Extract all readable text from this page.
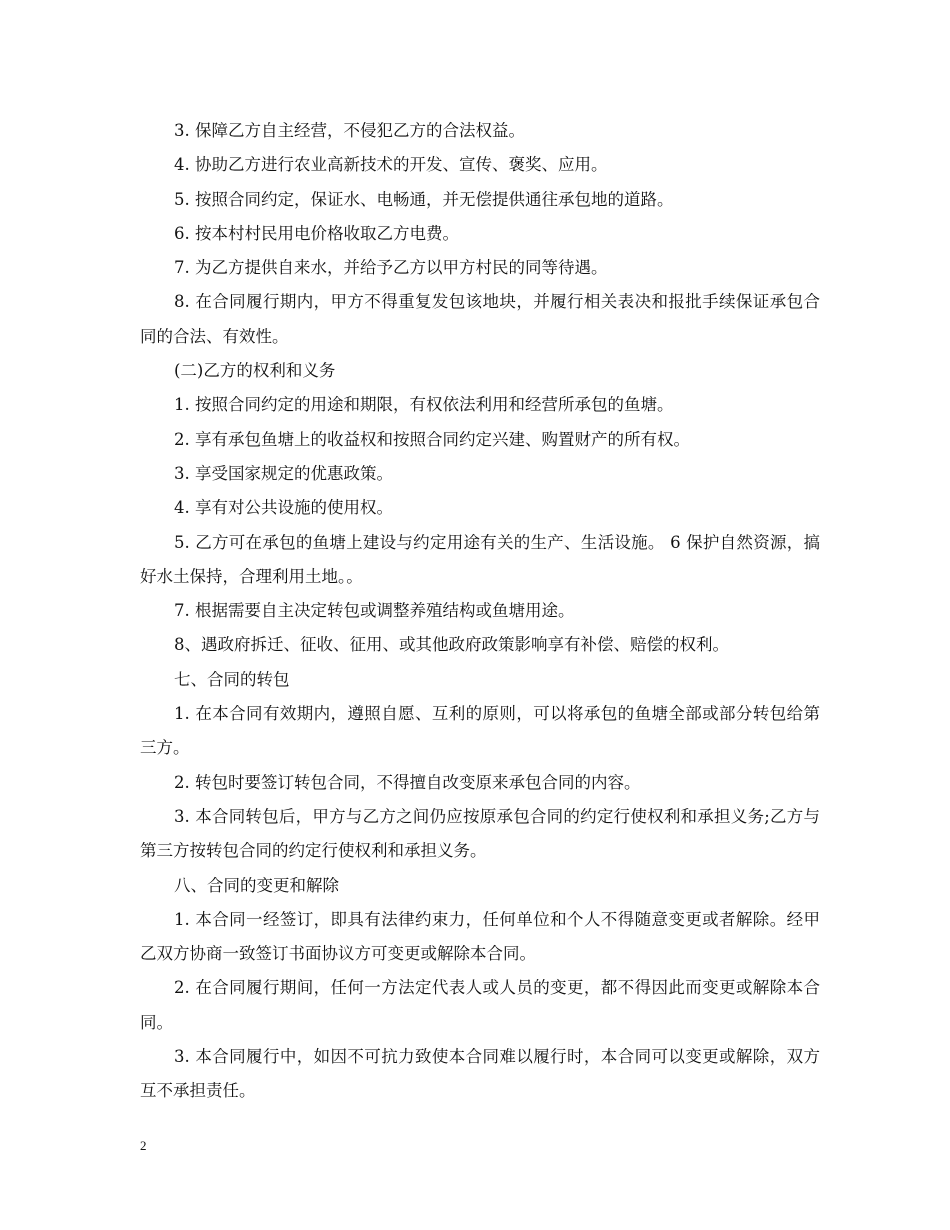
3. 保障乙方自主经营，不侵犯乙方的合法权益。

4. 协助乙方进行农业高新技术的开发、宣传、褒奖、应用。

5. 按照合同约定，保证水、电畅通，并无偿提供通往承包地的道路。

6. 按本村村民用电价格收取乙方电费。

7. 为乙方提供自来水，并给予乙方以甲方村民的同等待遇。

8. 在合同履行期内，甲方不得重复发包该地块，并履行相关表决和报批手续保证承包合同的合法、有效性。

(二)乙方的权利和义务

1. 按照合同约定的用途和期限，有权依法利用和经营所承包的鱼塘。

2. 享有承包鱼塘上的收益权和按照合同约定兴建、购置财产的所有权。

3. 享受国家规定的优惠政策。

4. 享有对公共设施的使用权。

5. 乙方可在承包的鱼塘上建设与约定用途有关的生产、生活设施。 6 保护自然资源，搞好水土保持，合理利用土地。。

7. 根据需要自主决定转包或调整养殖结构或鱼塘用途。

8、遇政府拆迁、征收、征用、或其他政府政策影响享有补偿、赔偿的权利。

七、合同的转包

1. 在本合同有效期内，遵照自愿、互利的原则，可以将承包的鱼塘全部或部分转包给第三方。

2. 转包时要签订转包合同，不得擅自改变原来承包合同的内容。

3. 本合同转包后，甲方与乙方之间仍应按原承包合同的约定行使权利和承担义务;乙方与第三方按转包合同的约定行使权利和承担义务。

八、合同的变更和解除

1. 本合同一经签订，即具有法律约束力，任何单位和个人不得随意变更或者解除。经甲乙双方协商一致签订书面协议方可变更或解除本合同。

2. 在合同履行期间，任何一方法定代表人或人员的变更，都不得因此而变更或解除本合同。

3. 本合同履行中，如因不可抗力致使本合同难以履行时，本合同可以变更或解除，双方互不承担责任。

2
